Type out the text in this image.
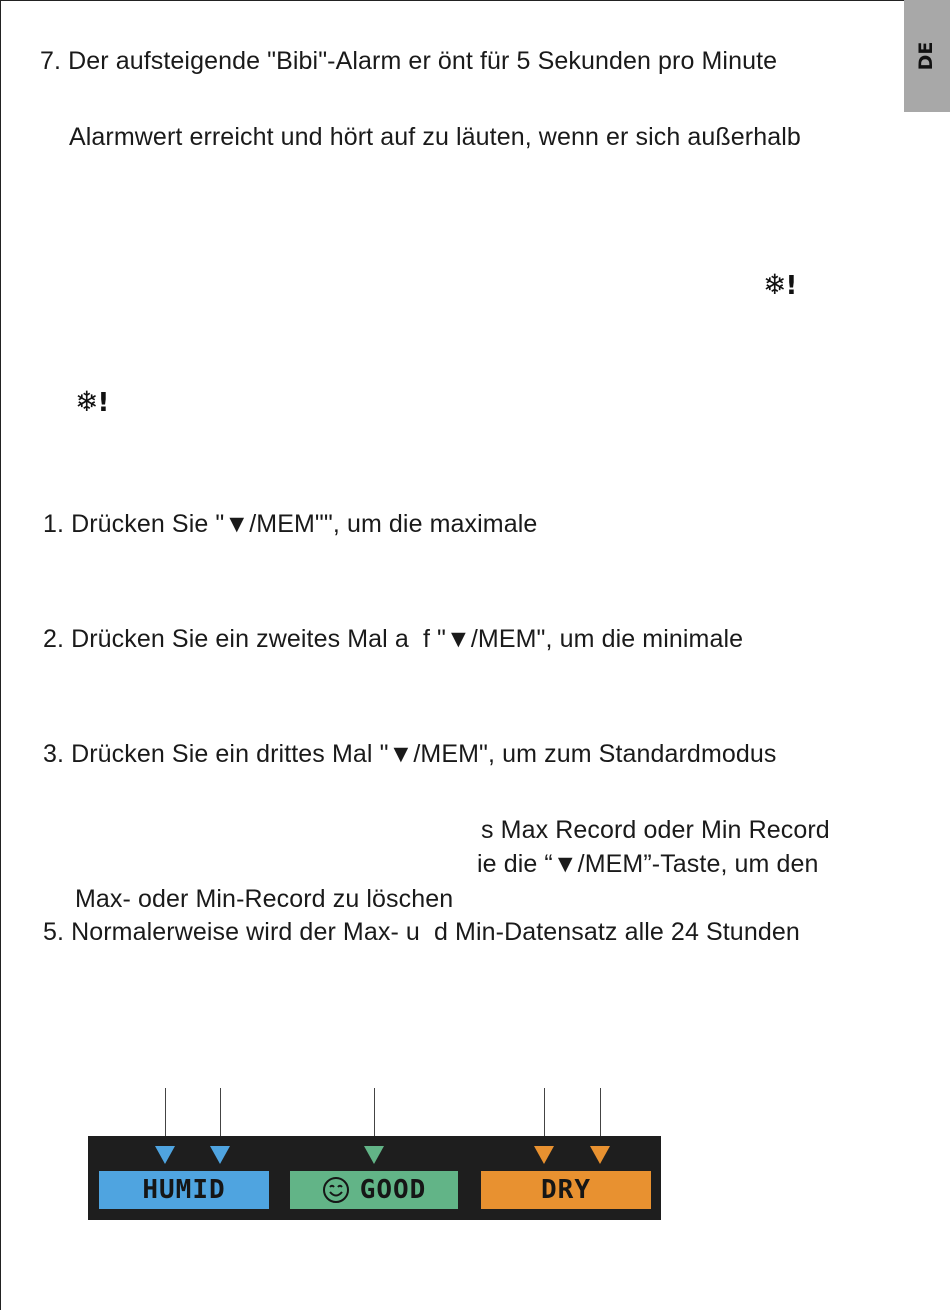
DE
7. Der aufsteigende "Bibi"-Alarm er önt für 5 Sekunden pro Minute
Alarmwert erreicht und hört auf zu läuten, wenn er sich außerhalb
❄!
❄!
1. Drücken Sie "▼/MEM"", um die maximale
2. Drücken Sie ein zweites Mal a  f "▼/MEM", um die minimale
3. Drücken Sie ein drittes Mal "▼/MEM", um zum Standardmodus
s Max Record oder Min Record
ie die “▼/MEM”-Taste, um den
Max- oder Min-Record zu löschen
5. Normalerweise wird der Max- u  d Min-Datensatz alle 24 Stunden
HUMID	GOOD	DRY
